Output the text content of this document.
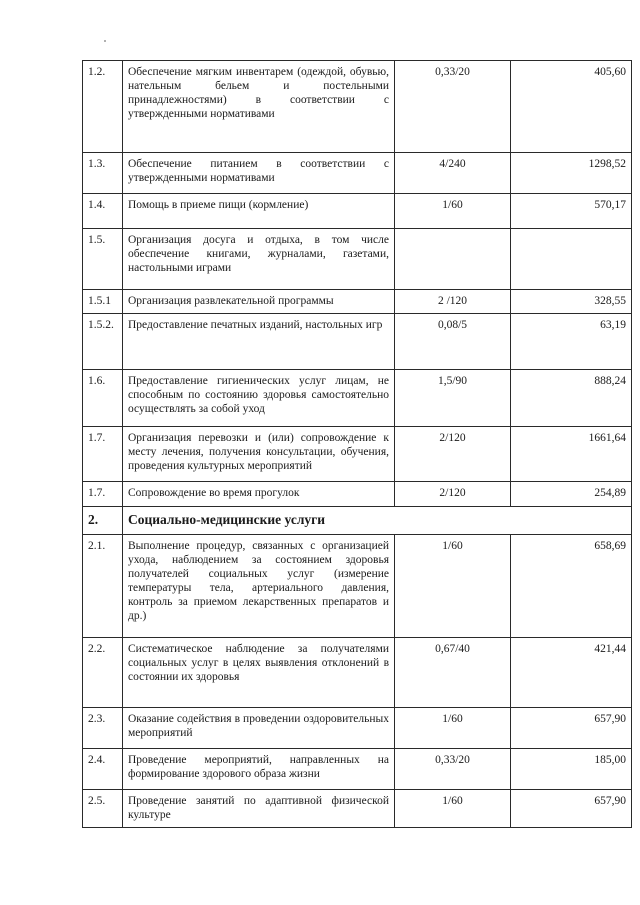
1.2.	Обеспечение мягким инвентарем (одеждой, обувью, нательным бельем и постельными принадлежностями) в соответствии с утвержденными нормативами	0,33/20	405,60
1.3.	Обеспечение питанием в соответствии с утвержденными нормативами	4/240	1298,52
1.4.	Помощь в приеме пищи (кормление)	1/60	570,17
1.5.	Организация досуга и отдыха, в том числе обеспечение книгами, журналами, газетами, настольными играми		
1.5.1	Организация развлекательной программы	2 /120	328,55
1.5.2.	Предоставление печатных изданий, настольных игр	0,08/5	63,19
1.6.	Предоставление гигиенических услуг лицам, не способным по состоянию здоровья самостоятельно осуществлять за собой уход	1,5/90	888,24
1.7.	Организация перевозки и (или) сопровождение к месту лечения, получения консультации, обучения, проведения культурных мероприятий	2/120	1661,64
1.7.	Сопровождение во время прогулок	2/120	254,89
2.	Социально-медицинские услуги		
2.1.	Выполнение процедур, связанных с организацией ухода, наблюдением за состоянием здоровья получателей социальных услуг (измерение температуры тела, артериального давления, контроль за приемом лекарственных препаратов и др.)	1/60	658,69
2.2.	Систематическое наблюдение за получателями социальных услуг в целях выявления отклонений в состоянии их здоровья	0,67/40	421,44
2.3.	Оказание содействия в проведении оздоровительных мероприятий	1/60	657,90
2.4.	Проведение мероприятий, направленных на формирование здорового образа жизни	0,33/20	185,00
2.5.	Проведение занятий по адаптивной физической культуре	1/60	657,90
